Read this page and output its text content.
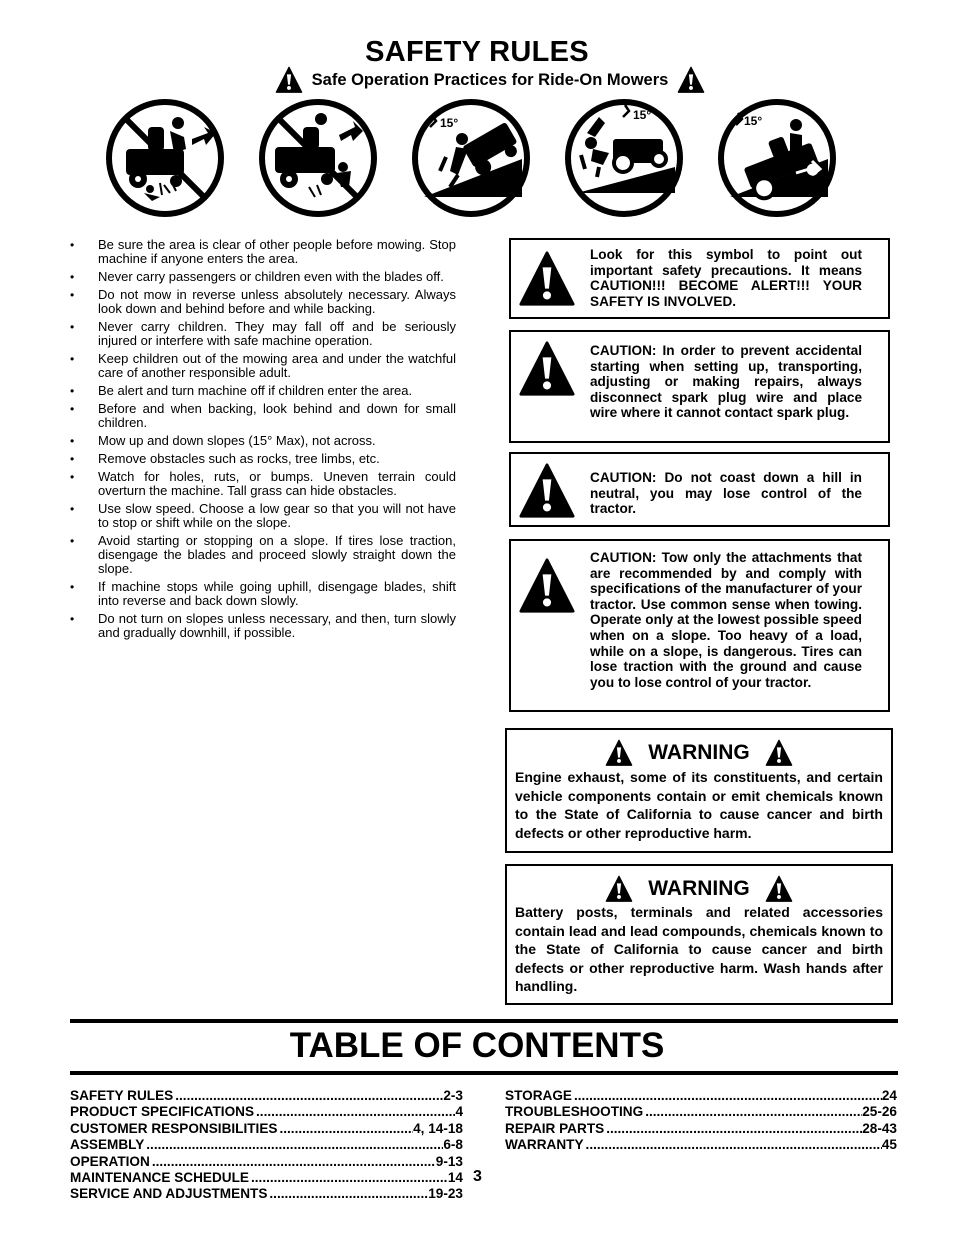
SAFETY RULES
Safe Operation Practices for Ride-On Mowers
15°
15°	15°
• Be sure the area is clear of other people before mowing. Stop machine if anyone enters the area.
• Never carry passengers or children even with the blades off.
• Do not mow in reverse unless absolutely necessary. Always look down and behind before and while backing.
• Never carry children. They may fall off and be seriously injured or interfere with safe machine operation.
• Keep children out of the mowing area and under the watchful care of another responsible adult.
• Be alert and turn machine off if children enter the area.
• Before and when backing, look behind and down for small children.
• Mow up and down slopes (15° Max), not across.
• Remove obstacles such as rocks, tree limbs, etc.
• Watch for holes, ruts, or bumps. Uneven terrain could overturn the machine. Tall grass can hide obstacles.
• Use slow speed. Choose a low gear so that you will not have to stop or shift while on the slope.
• Avoid starting or stopping on a slope. If tires lose traction, disengage the blades and proceed slowly straight down the slope.
• If machine stops while going uphill, disengage blades, shift into reverse and back down slowly.
• Do not turn on slopes unless necessary, and then, turn slowly and gradually downhill, if possible.
Look for this symbol to point out important safety precautions. It means CAUTION!!! BECOME ALERT!!! YOUR SAFETY IS INVOLVED.
CAUTION: In order to prevent accidental starting when setting up, transporting, adjusting or making repairs, always disconnect spark plug wire and place wire where it cannot contact spark plug.
CAUTION: Do not coast down a hill in neutral, you may lose control of the tractor.
CAUTION: Tow only the attachments that are recommended by and comply with specifications of the manufacturer of your tractor. Use common sense when towing. Operate only at the lowest possible speed when on a slope. Too heavy of a load, while on a slope, is dangerous. Tires can lose traction with the ground and cause you to lose control of your tractor.
WARNING
Engine exhaust, some of its constituents, and certain vehicle components contain or emit chemicals known to the State of California to cause cancer and birth defects or other reproductive harm.
WARNING
Battery posts, terminals and related accessories contain lead and lead compounds, chemicals known to the State of California to cause cancer and birth defects or other reproductive harm. Wash hands after handling.
TABLE OF CONTENTS
SAFETY RULES .....	2-3
PRODUCT SPECIFICATIONS .....	4
CUSTOMER RESPONSIBILITIES .....	4, 14-18
ASSEMBLY .....	6-8
OPERATION .....	9-13
MAINTENANCE SCHEDULE .....	14
SERVICE AND ADJUSTMENTS .....	19-23
STORAGE .....	24
TROUBLESHOOTING .....	25-26
REPAIR PARTS .....	28-43
WARRANTY .....	45
3
